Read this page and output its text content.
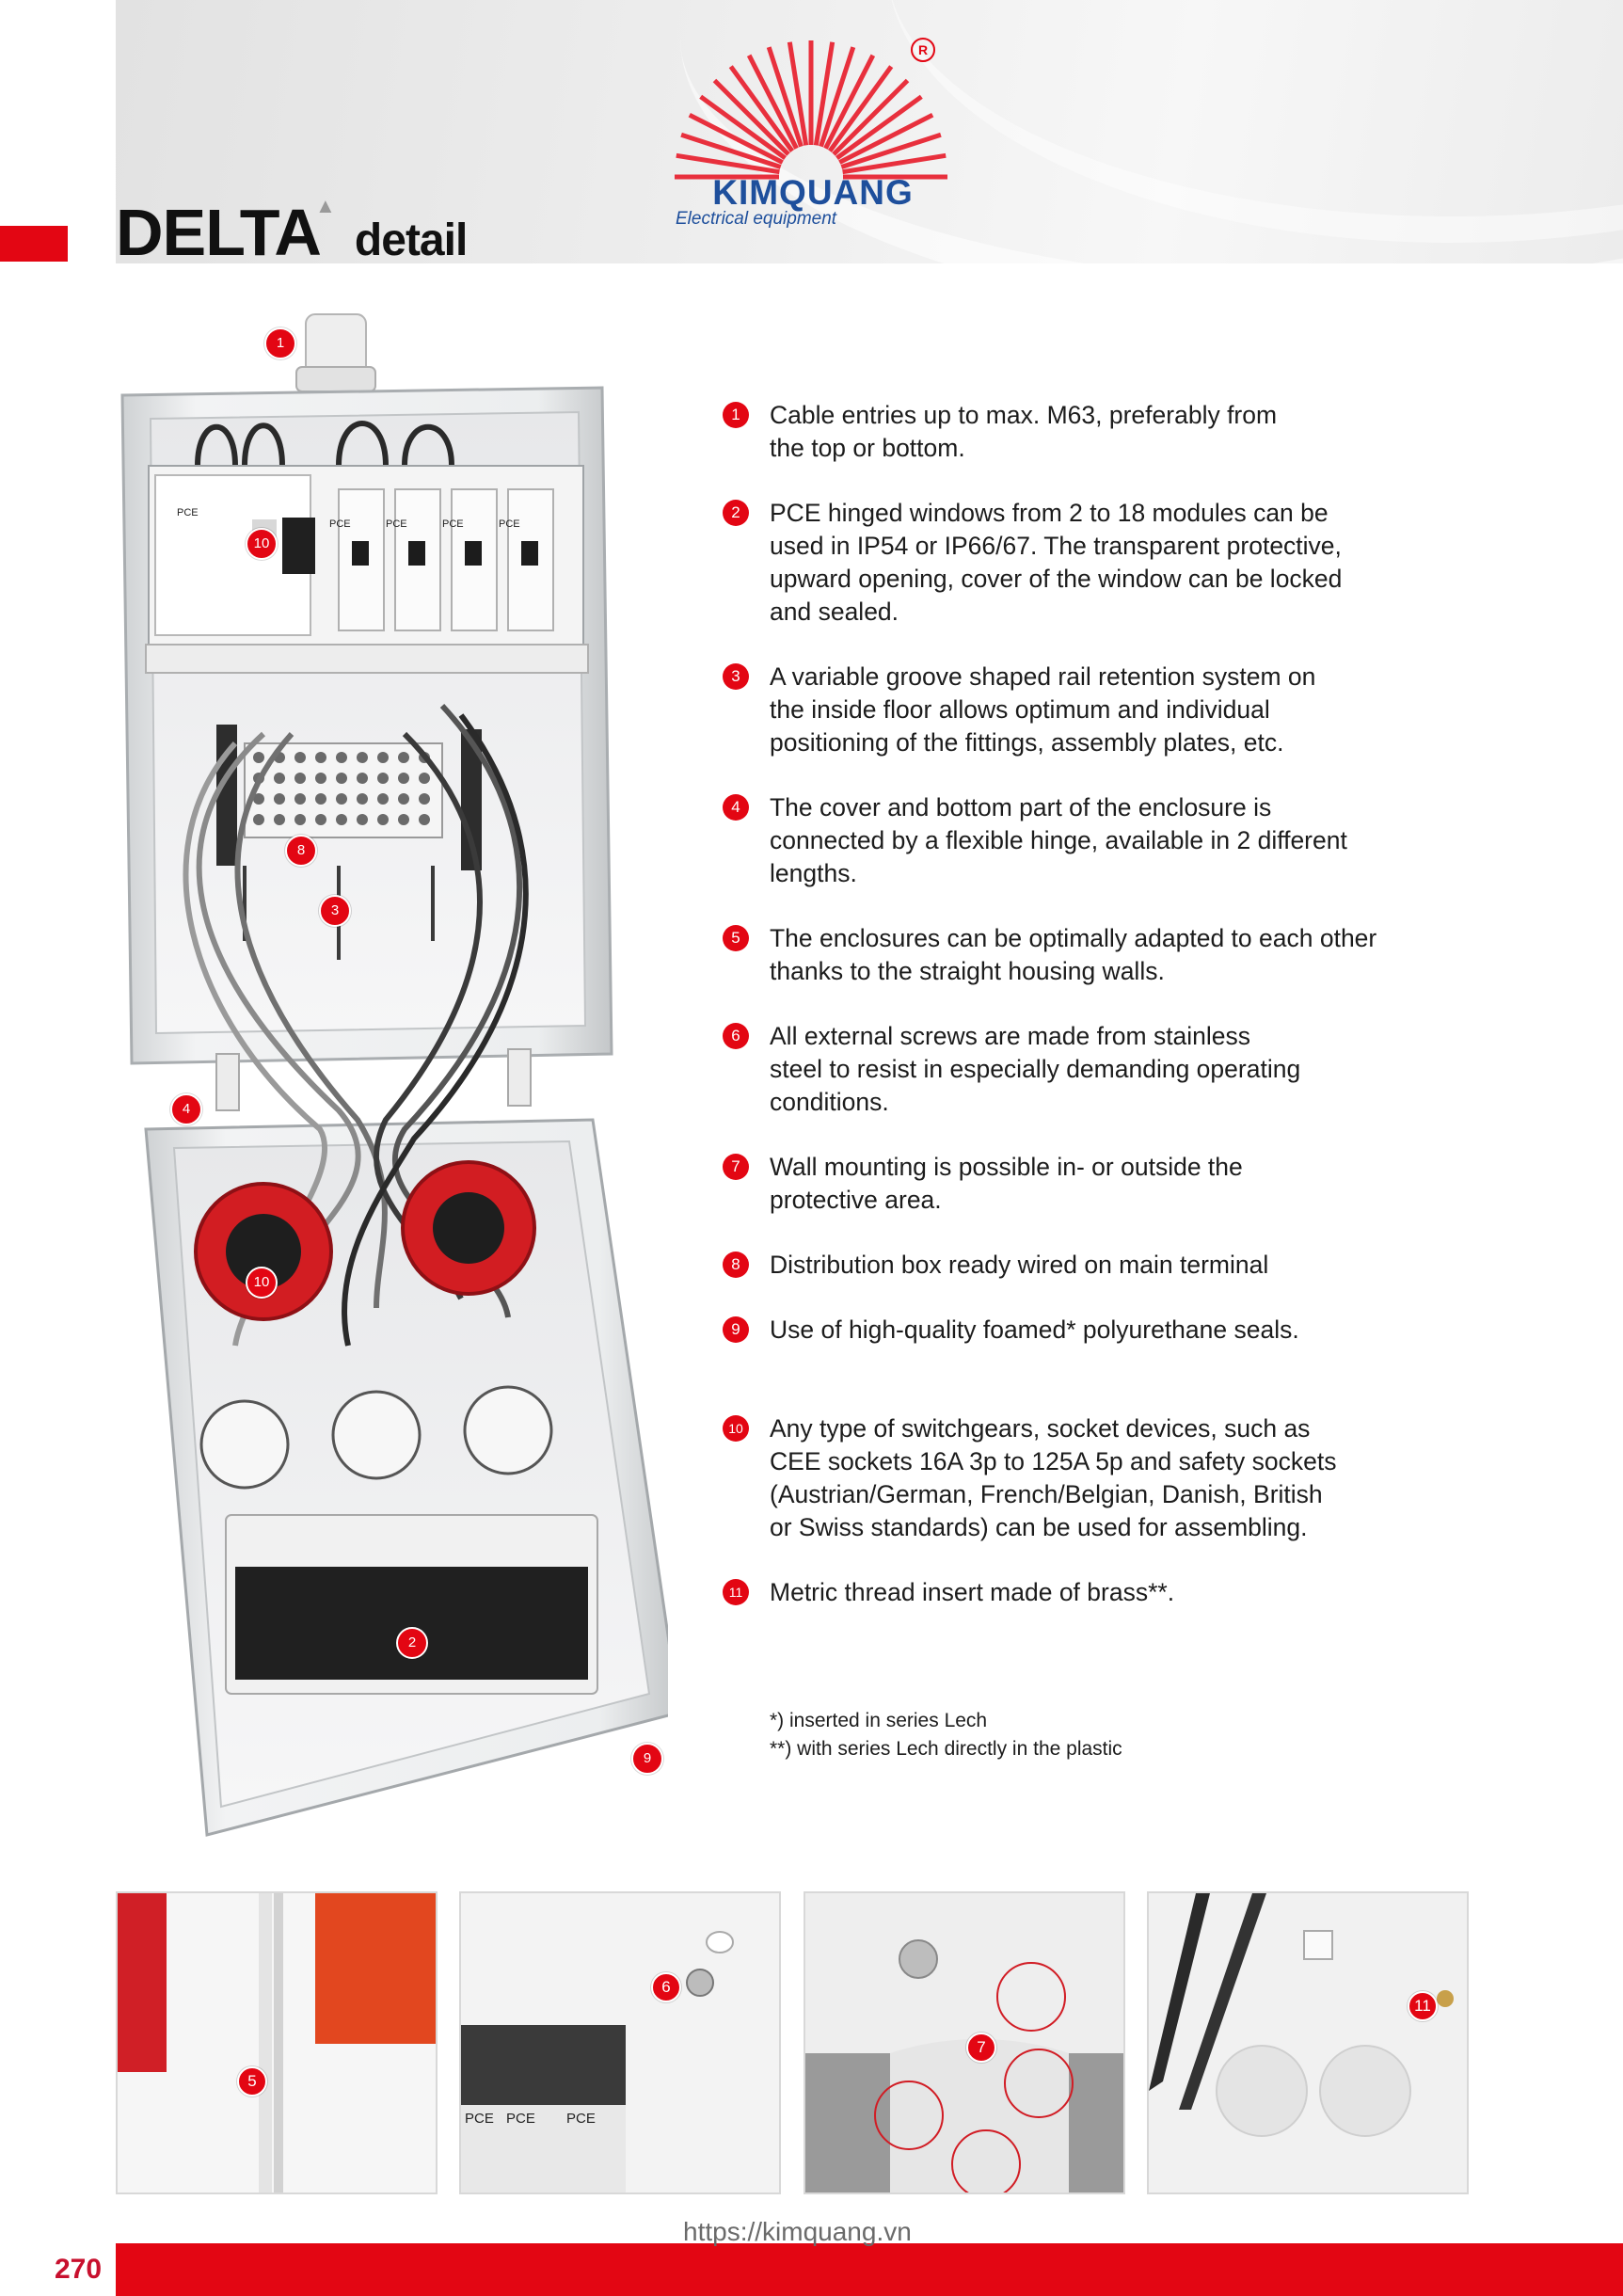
DELTA
▲
detail
R
KIMQUANG
Electrical equipment
PCE
PCE	PCE	PCE	PCE
1
10
8
3
4
10
2
9
1	Cable entries up to max. M63, preferably from
the top or bottom.
2	PCE hinged windows from 2 to 18 modules can be
used in IP54 or IP66/67. The transparent protective,
upward opening, cover of the window can be locked
and sealed.
3	A variable groove shaped rail retention system on
the inside floor allows optimum and individual
positioning of the fittings, assembly plates, etc.
4	The cover and bottom part of the enclosure is
connected by a flexible hinge, available in 2 different
lengths.
5	The enclosures can be optimally adapted to each other
thanks to the straight housing walls.
6	All external screws are made from stainless
steel to resist in especially demanding operating
conditions.
7	Wall mounting is possible in- or outside the
protective area.
8	Distribution box ready wired on main terminal
9	Use of high-quality foamed* polyurethane seals.
10 Any type of switchgears, socket devices, such as
CEE sockets 16A 3p to 125A 5p and safety sockets
(Austrian/German, French/Belgian, Danish, British
or Swiss standards) can be used for assembling.
11 Metric thread insert made of brass**.
*) inserted in series Lech
**) with series Lech directly in the plastic
5
PCE PCE PCE
6
7
11
270
https://kimquang.vn
